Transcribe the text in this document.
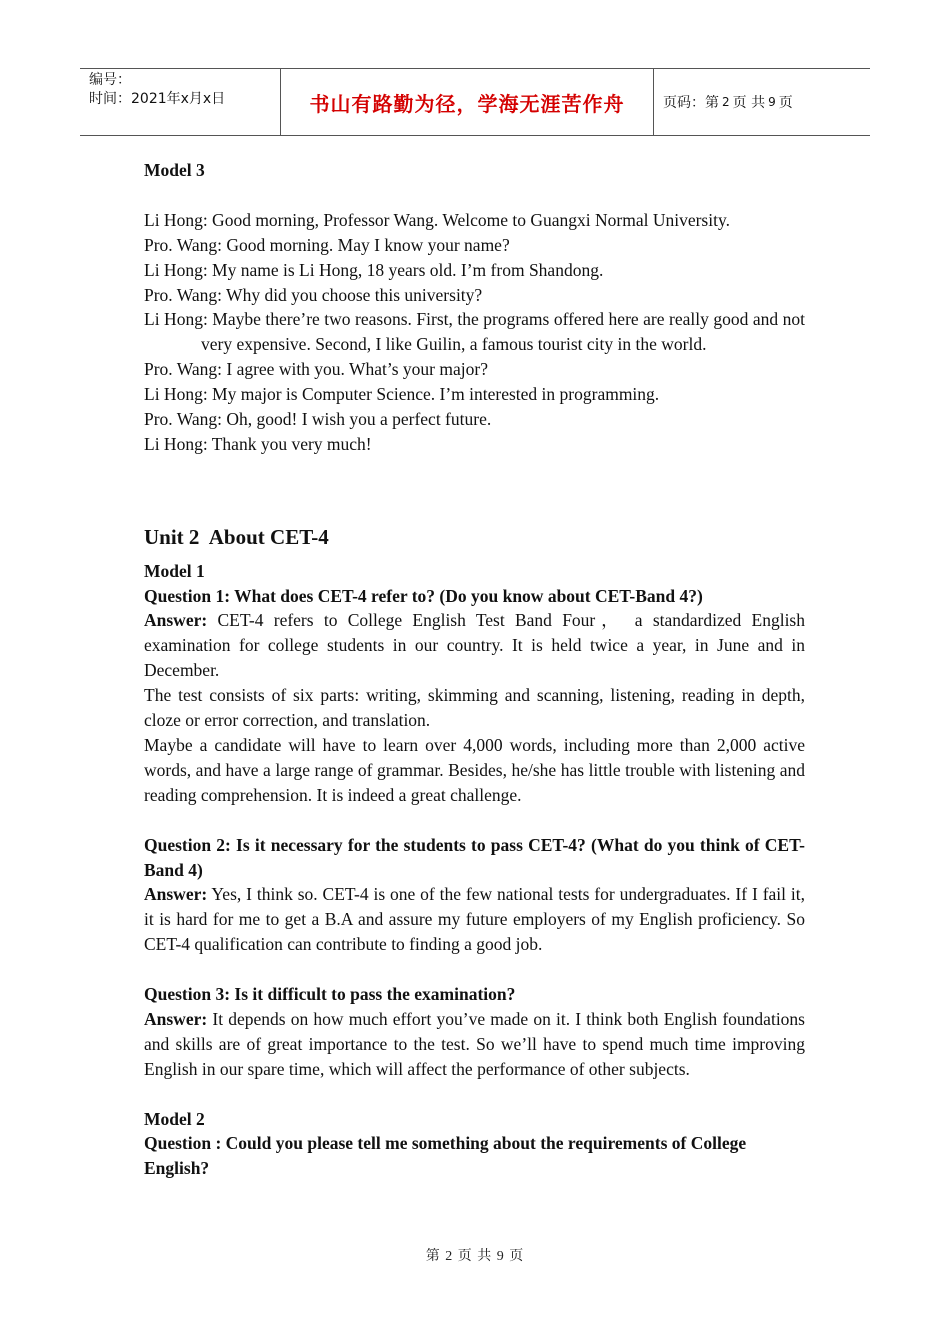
编号：
时间：2021年x月x日	书山有路勤为径，学海无涯苦作舟	页码：第 2 页 共 9 页

Model 3

Li Hong: Good morning, Professor Wang. Welcome to Guangxi Normal University.

Pro. Wang: Good morning. May I know your name?

Li Hong: My name is Li Hong, 18 years old. I’m from Shandong.

Pro. Wang: Why did you choose this university?

Li Hong: Maybe there’re two reasons. First, the programs offered here are really good and not very expensive. Second, I like Guilin, a famous tourist city in the world.

Pro. Wang: I agree with you. What’s your major?

Li Hong: My major is Computer Science. I’m interested in programming.

Pro. Wang: Oh, good! I wish you a perfect future.

Li Hong: Thank you very much!

Unit 2  About CET-4

Model 1

Question 1: What does CET-4 refer to? (Do you know about CET-Band 4?)

Answer: CET-4 refers to College English Test Band Four， a standardized English examination for college students in our country. It is held twice a year, in June and in December.

The test consists of six parts: writing, skimming and scanning, listening, reading in depth, cloze or error correction, and translation.

Maybe a candidate will have to learn over 4,000 words, including more than 2,000 active words, and have a large range of grammar. Besides, he/she has little trouble with listening and reading comprehension. It is indeed a great challenge.

Question 2: Is it necessary for the students to pass CET-4? (What do you think of CET-Band 4)

Answer: Yes, I think so. CET-4 is one of the few national tests for undergraduates. If I fail it, it is hard for me to get a B.A and assure my future employers of my English proficiency. So CET-4 qualification can contribute to finding a good job.

Question 3: Is it difficult to pass the examination?

Answer: It depends on how much effort you’ve made on it. I think both English foundations and skills are of great importance to the test. So we’ll have to spend much time improving English in our spare time, which will affect the performance of other subjects.

Model 2

Question : Could you please tell me something about the requirements of College English?

第 2 页 共 9 页
